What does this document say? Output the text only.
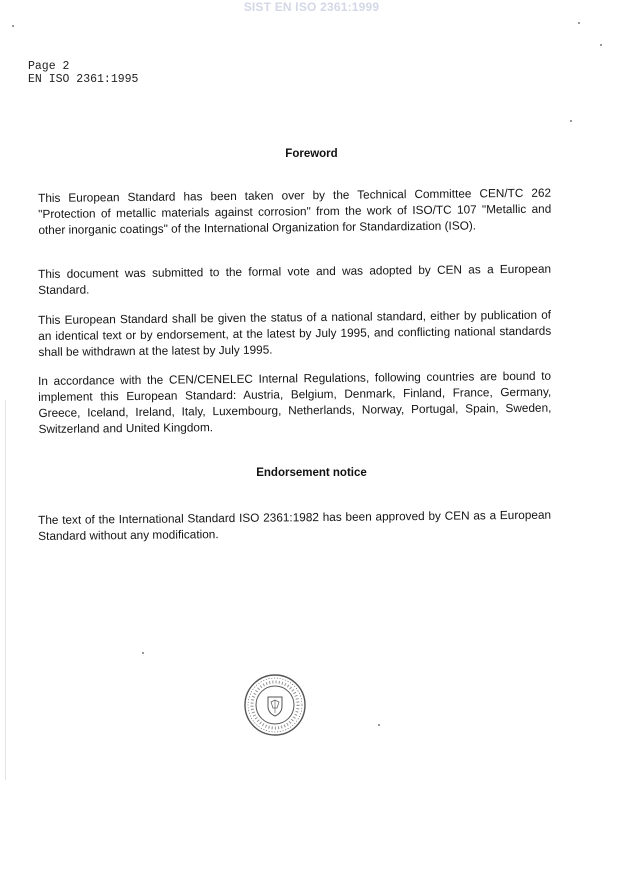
SIST EN ISO 2361:1999
Page 2
EN ISO 2361:1995
Foreword
This European Standard has been taken over by the Technical Committee CEN/TC 262 "Protection of metallic materials against corrosion" from the work of ISO/TC 107 "Metallic and other inorganic coatings" of the International Organization for Standardization (ISO).
This document was submitted to the formal vote and was adopted by CEN as a European Standard.
This European Standard shall be given the status of a national standard, either by publication of an identical text or by endorsement, at the latest by July 1995, and conflicting national standards shall be withdrawn at the latest by July 1995.
In accordance with the CEN/CENELEC Internal Regulations, following countries are bound to implement this European Standard: Austria, Belgium, Denmark, Finland, France, Germany, Greece, Iceland, Ireland, Italy, Luxembourg, Netherlands, Norway, Portugal, Spain, Sweden, Switzerland and United Kingdom.
Endorsement notice
The text of the International Standard ISO 2361:1982 has been approved by CEN as a European Standard without any modification.
